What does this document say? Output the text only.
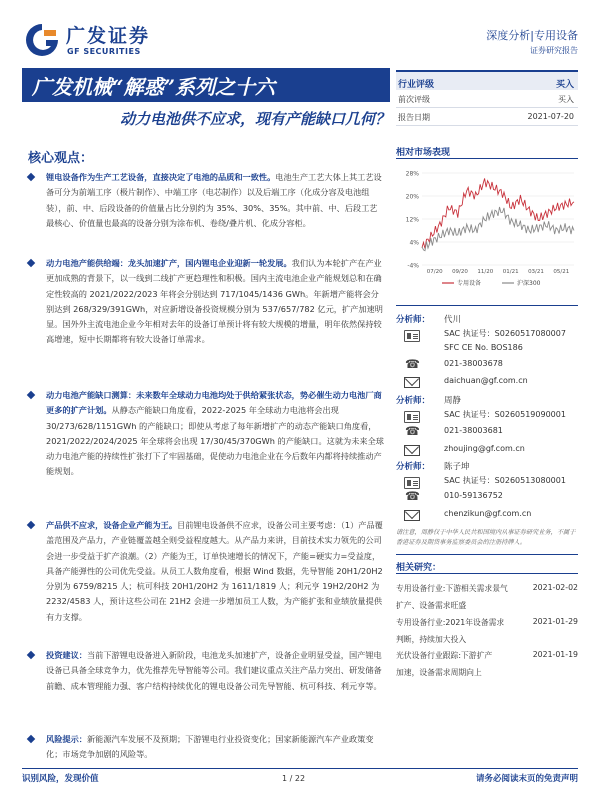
广发证券
GF SECURITIES
深度分析|专用设备
证券研究报告
广发机械“解惑”系列之十六
动力电池供不应求，现有产能缺口几何？
核心观点：
锂电设备作为生产工艺设备，直接决定了电池的品质和一致性。电池生产工艺大体上其工艺设备可分为前端工序（极片制作）、中端工序（电芯制作）以及后端工序（化成分容及电池组装），前、中、后段设备的价值量占比分别约为 35%、30%、35%。其中前、中、后段工艺最核心、价值量也最高的设备分别为涂布机、卷绕/叠片机、化成分容柜。
动力电池产能供给端：龙头加速扩产，国内锂电企业迎新一轮发展。我们认为本轮扩产在产业更加成熟的背景下，以一线到二线扩产更趋理性和积极。国内主流电池企业产能规划总和在确定性较高的 2021/2022/2023 年将会分别达到 717/1045/1436 GWh。年新增产能将会分别达到 268/329/391GWh，对应新增设备投资规模分别为 537/657/782 亿元，扩产加速明显。国外外主流电池企业今年相对去年的设备订单预计将有较大规模的增量，明年依然保持较高增速，短中长期都将有较大设备订单需求。
动力电池产能缺口测算：未来数年全球动力电池均处于供给紧张状态，势必催生动力电池厂商更多的扩产计划。从静态产能缺口角度看，2022-2025 年全球动力电池将会出现 30/273/628/1151GWh 的产能缺口；即使从考虑了每年新增扩产的动态产能缺口角度看，2021/2022/2024/2025 年全球将会出现 17/30/45/370GWh 的产能缺口。这就为未来全球动力电池产能的持续性扩张打下了牢固基础，促使动力电池企业在今后数年内都将持续推动产能规划。
产品供不应求，设备企业产能为王。目前锂电设备供不应求，设备公司主要考虑：（1）产品覆盖范围及产品力，产业链覆盖越全则受益程度越大。从产品力来讲，目前技术实力领先的公司会进一步受益于扩产浪潮。（2）产能为王，订单快速增长的情况下，产能=硬实力=受益度，具备产能弹性的公司优先受益。从员工人数角度看，根据 Wind 数据，先导智能 20H1/20H2 分别为 6759/8215 人；杭可科技 20H1/20H2 为 1611/1819 人；利元亨 19H2/20H2 为 2232/4583 人，预计这些公司在 21H2 会进一步增加员工人数，为产能扩张和业绩放量提供有力支撑。
投资建议：当前下游锂电设备进入新阶段，电池龙头加速扩产，设备企业明显受益，国产锂电设备已具备全球竞争力，优先推荐先导智能等公司。我们建议重点关注产品力突出、研发储备前瞻、成本管理能力强、客户结构持续优化的锂电设备公司先导智能、杭可科技、利元亨等。
风险提示：新能源汽车发展不及预期；下游锂电行业投资变化；国家新能源汽车产业政策变化；市场竞争加剧的风险等。
行业评级	买入
前次评级	买入
报告日期	2021-07-20
相对市场表现
28%
20%
12%
4%
-4%
07/20 09/20 11/20 01/21 03/21 05/21
专用设备	沪深300
分析师： 代川
SAC 执证号：S0260517080007
SFC CE No. BOS186
☎	021-38003678
daichuan@gf.com.cn
分析师： 周静
SAC 执证号：S0260519090001
☎	021-38003681
zhoujing@gf.com.cn
分析师： 陈子坤
SAC 执证号：S0260513080001
☎	010-59136752
chenzikun@gf.com.cn
请注意，周静仅于中华人民共和国境内从事证券研究业务，不属于香港证券及期货事务监察委员会的注册持牌人。
相关研究：
专用设备行业:下游相关需求景气	2021-02-02
扩产、设备需求旺盛
专用设备行业:2021年设备需求	2021-01-29
判断，持续加大投入
光伏设备行业跟踪:下游扩产	2021-01-19
加速，设备需求周期向上
识别风险，发现价值	1 / 22	请务必阅读末页的免责声明
